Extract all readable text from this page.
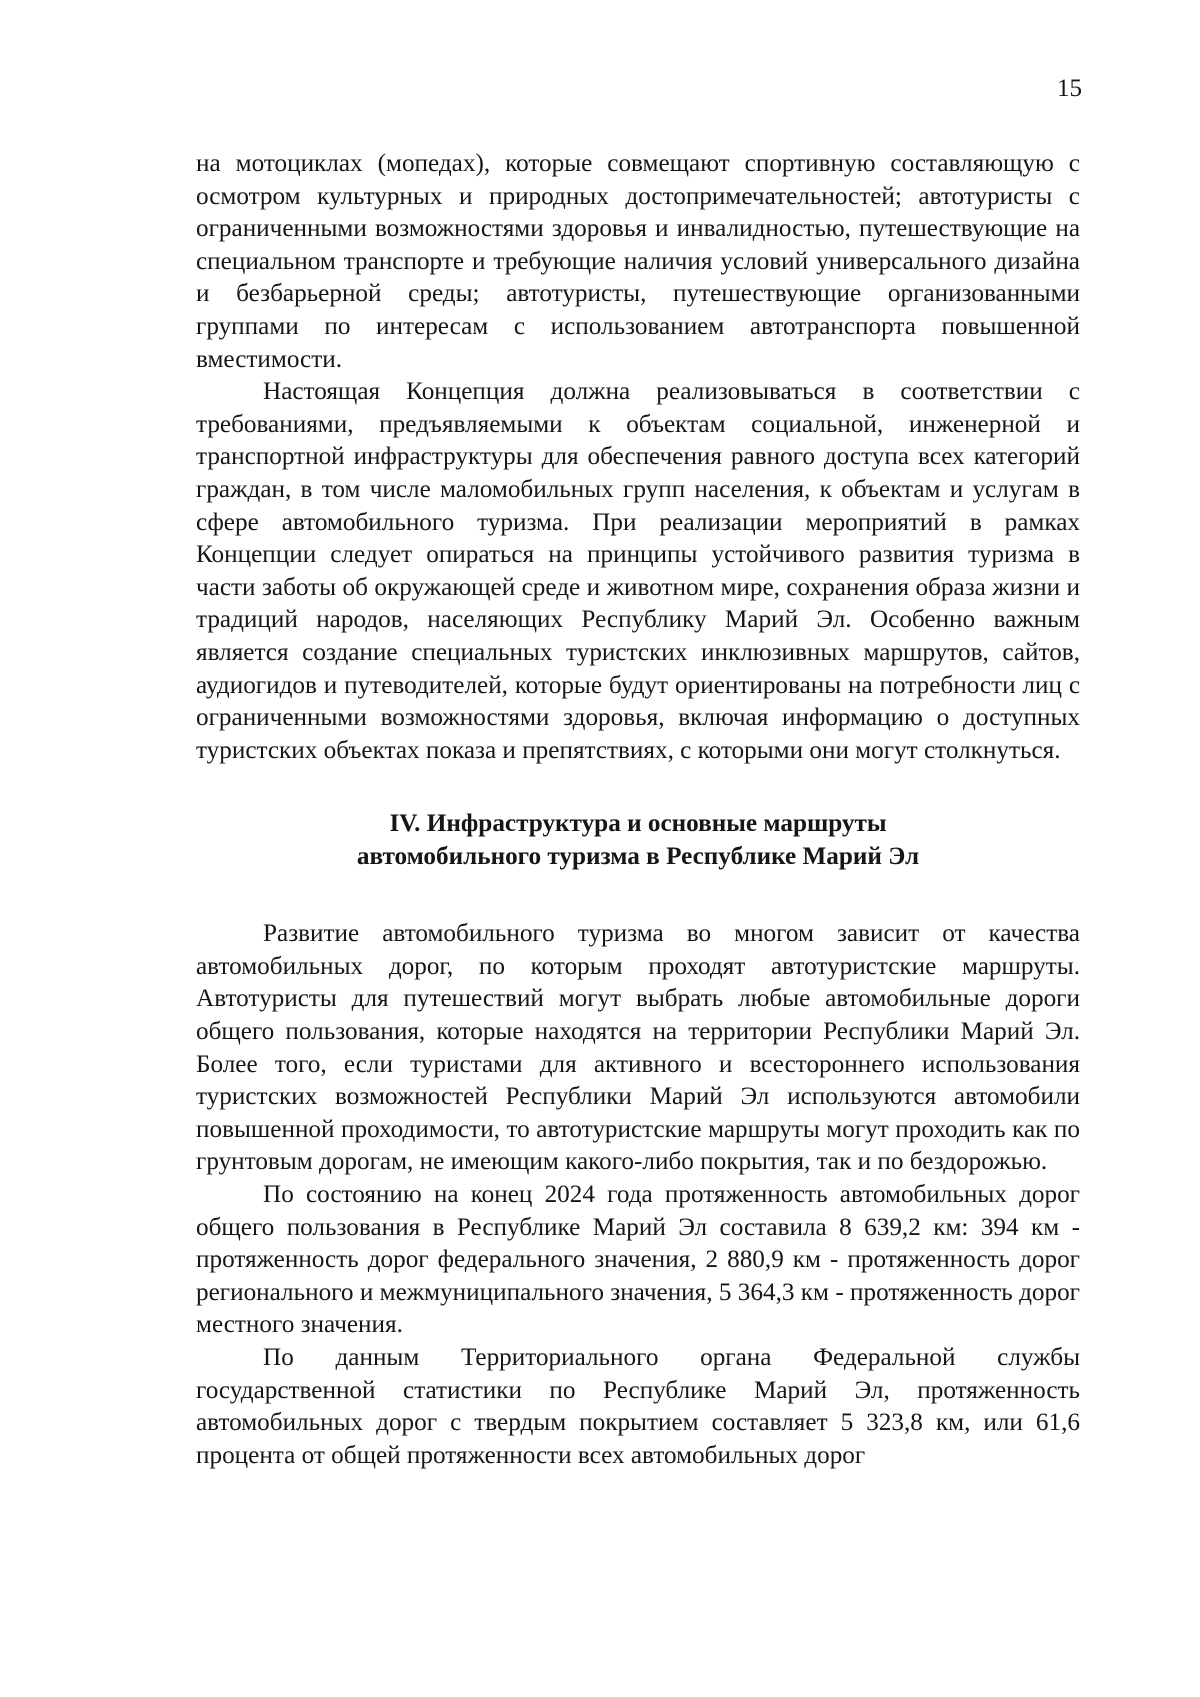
15

на мотоциклах (мопедах), которые совмещают спортивную составляющую с осмотром культурных и природных достопримечательностей; автотуристы с ограниченными возможностями здоровья и инвалидностью, путешествующие на специальном транспорте и требующие наличия условий универсального дизайна и безбарьерной среды; автотуристы, путешествующие организованными группами по интересам с использованием автотранспорта повышенной вместимости.

Настоящая Концепция должна реализовываться в соответствии с требованиями, предъявляемыми к объектам социальной, инженерной и транспортной инфраструктуры для обеспечения равного доступа всех категорий граждан, в том числе маломобильных групп населения, к объектам и услугам в сфере автомобильного туризма. При реализации мероприятий в рамках Концепции следует опираться на принципы устойчивого развития туризма в части заботы об окружающей среде и животном мире, сохранения образа жизни и традиций народов, населяющих Республику Марий Эл. Особенно важным является создание специальных туристских инклюзивных маршрутов, сайтов, аудиогидов и путеводителей, которые будут ориентированы на потребности лиц с ограниченными возможностями здоровья, включая информацию о доступных туристских объектах показа и препятствиях, с которыми они могут столкнуться.

IV. Инфраструктура и основные маршруты
автомобильного туризма в Республике Марий Эл

Развитие автомобильного туризма во многом зависит от качества автомобильных дорог, по которым проходят автотуристские маршруты. Автотуристы для путешествий могут выбрать любые автомобильные дороги общего пользования, которые находятся на территории Республики Марий Эл. Более того, если туристами для активного и всестороннего использования туристских возможностей Республики Марий Эл используются автомобили повышенной проходимости, то автотуристские маршруты могут проходить как по грунтовым дорогам, не имеющим какого-либо покрытия, так и по бездорожью.

По состоянию на конец 2024 года протяженность автомобильных дорог общего пользования в Республике Марий Эл составила 8 639,2 км: 394 км - протяженность дорог федерального значения, 2 880,9 км - протяженность дорог регионального и межмуниципального значения, 5 364,3 км - протяженность дорог местного значения.

По данным Территориального органа Федеральной службы государственной статистики по Республике Марий Эл, протяженность автомобильных дорог с твердым покрытием составляет 5 323,8 км, или 61,6 процента от общей протяженности всех автомобильных дорог
